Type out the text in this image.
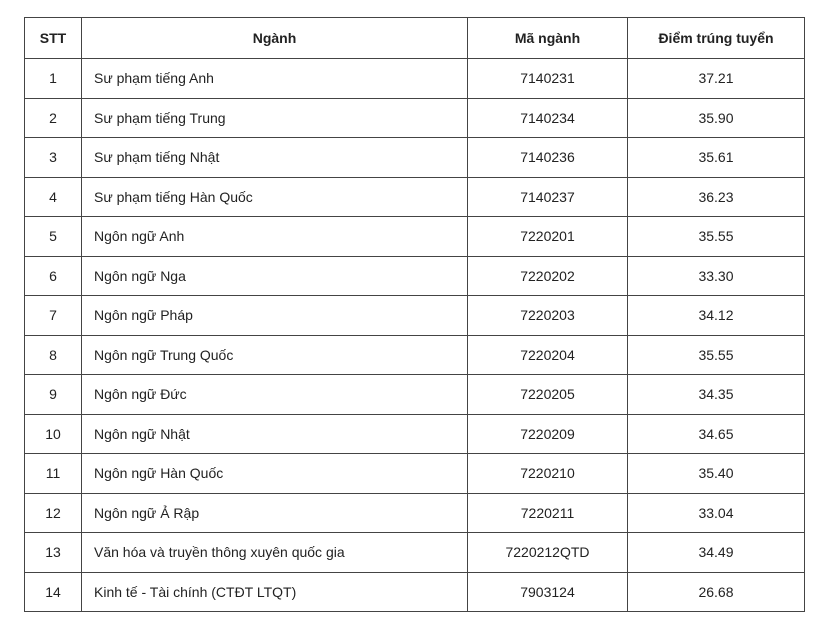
STT	Ngành	Mã ngành	Điểm trúng tuyển
1	Sư phạm tiếng Anh	7140231	37.21
2	Sư phạm tiếng Trung	7140234	35.90
3	Sư phạm tiếng Nhật	7140236	35.61
4	Sư phạm tiếng Hàn Quốc	7140237	36.23
5	Ngôn ngữ Anh	7220201	35.55
6	Ngôn ngữ Nga	7220202	33.30
7	Ngôn ngữ Pháp	7220203	34.12
8	Ngôn ngữ Trung Quốc	7220204	35.55
9	Ngôn ngữ Đức	7220205	34.35
10	Ngôn ngữ Nhật	7220209	34.65
11	Ngôn ngữ Hàn Quốc	7220210	35.40
12	Ngôn ngữ Ả Rập	7220211	33.04
13	Văn hóa và truyền thông xuyên quốc gia	7220212QTD	34.49
14	Kinh tế - Tài chính (CTĐT LTQT)	7903124	26.68
